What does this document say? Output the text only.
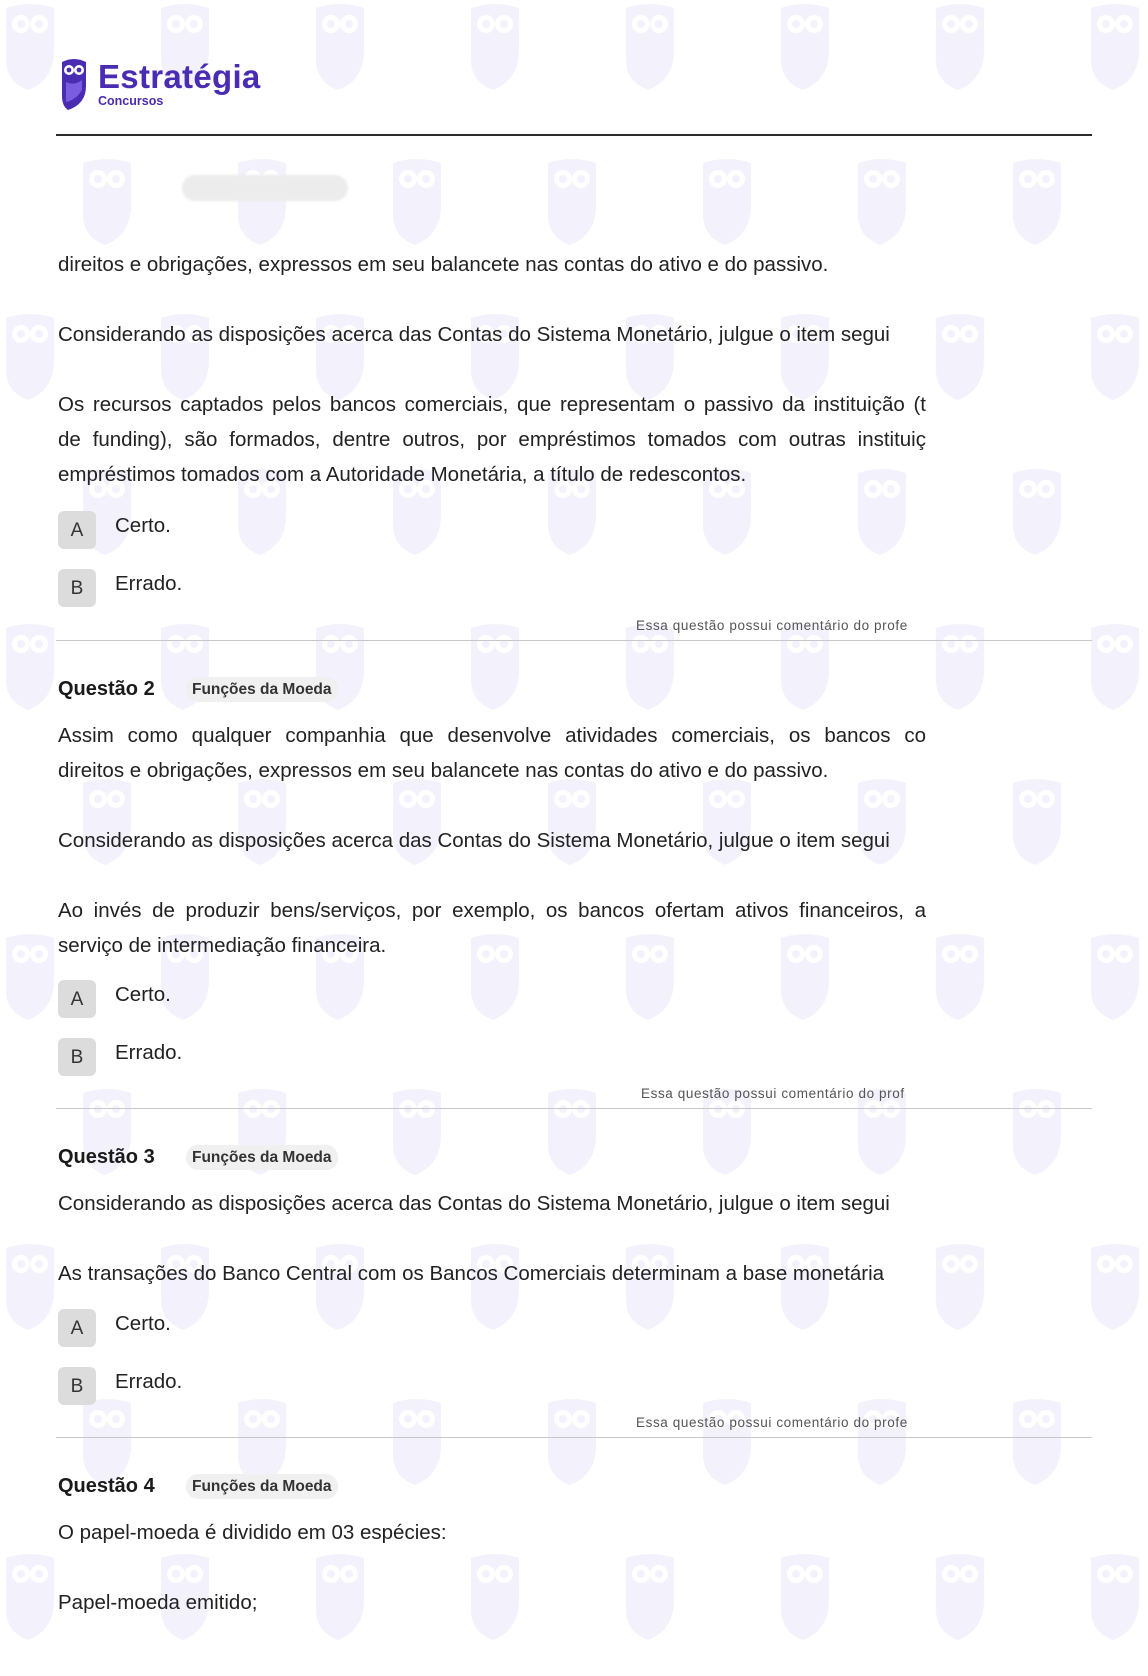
Estratégia
Concursos
direitos e obrigações, expressos em seu balancete nas contas do ativo e do passivo.
Considerando as disposições acerca das Contas do Sistema Monetário, julgue o item segui
Os recursos captados pelos bancos comerciais, que representam o passivo da instituição (t
de funding), são formados, dentre outros, por empréstimos tomados com outras instituiç
empréstimos tomados com a Autoridade Monetária, a título de redescontos.
A	Certo.
B	Errado.
Essa questão possui comentário do profe
Questão 2	Funções da Moeda
Assim como qualquer companhia que desenvolve atividades comerciais, os bancos co
direitos e obrigações, expressos em seu balancete nas contas do ativo e do passivo.
Considerando as disposições acerca das Contas do Sistema Monetário, julgue o item segui
Ao invés de produzir bens/serviços, por exemplo, os bancos ofertam ativos financeiros, a
serviço de intermediação financeira.
A	Certo.
B	Errado.
Essa questão possui comentário do prof
Questão 3	Funções da Moeda
Considerando as disposições acerca das Contas do Sistema Monetário, julgue o item segui
As transações do Banco Central com os Bancos Comerciais determinam a base monetária
A	Certo.
B	Errado.
Essa questão possui comentário do profe
Questão 4	Funções da Moeda
O papel-moeda é dividido em 03 espécies:
Papel-moeda emitido;
